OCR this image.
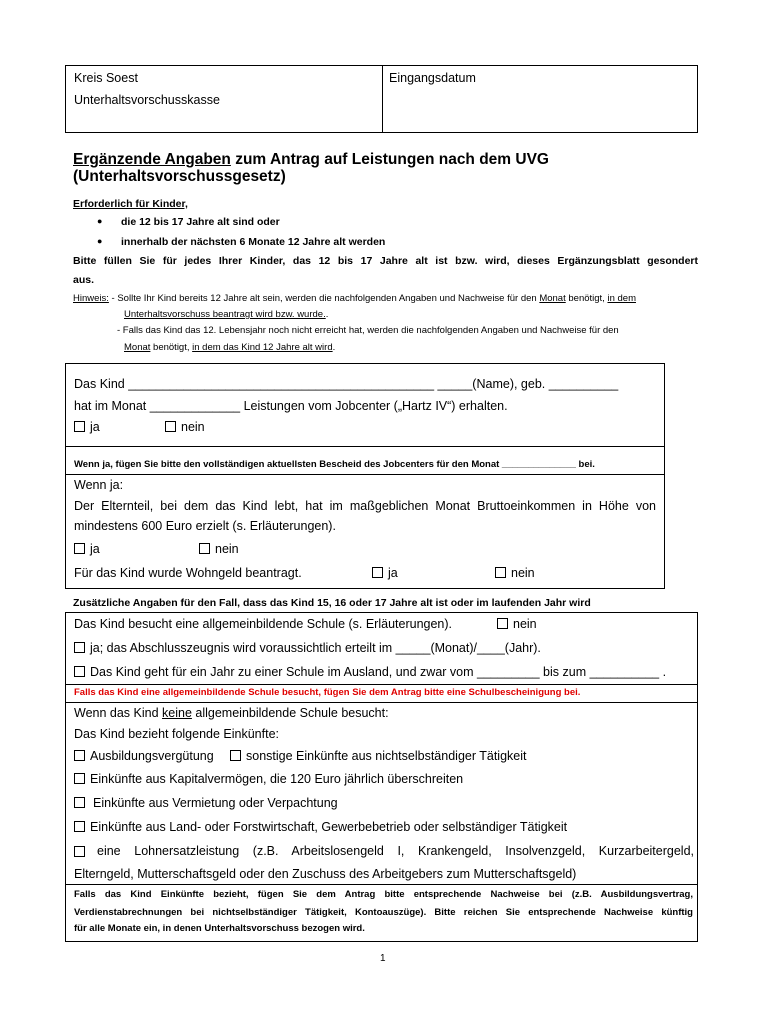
Kreis Soest
Unterhaltsvorschusskasse
Eingangsdatum
Ergänzende Angaben zum Antrag auf Leistungen nach dem UVG
(Unterhaltsvorschussgesetz)
Erforderlich für Kinder,
● die 12 bis 17 Jahre alt sind oder
● innerhalb der nächsten 6 Monate 12 Jahre alt werden
Bitte füllen Sie für jedes Ihrer Kinder, das 12 bis 17 Jahre alt ist bzw. wird, dieses Ergänzungsblatt gesondert
aus.
Hinweis: - Sollte Ihr Kind bereits 12 Jahre alt sein, werden die nachfolgenden Angaben und Nachweise für den Monat benötigt, in dem
Unterhaltsvorschuss beantragt wird bzw. wurde..
- Falls das Kind das 12. Lebensjahr noch nicht erreicht hat, werden die nachfolgenden Angaben und Nachweise für den
Monat benötigt, in dem das Kind 12 Jahre alt wird.
Das Kind ____________________________________________ _____(Name), geb. __________
hat im Monat _____________ Leistungen vom Jobcenter („Hartz IV“) erhalten.
ja	nein
Wenn ja, fügen Sie bitte den vollständigen aktuellsten Bescheid des Jobcenters für den Monat ______________ bei.
Wenn ja:
Der Elternteil, bei dem das Kind lebt, hat im maßgeblichen Monat Bruttoeinkommen in Höhe von
mindestens 600 Euro erzielt (s. Erläuterungen).
ja	nein
Für das Kind wurde Wohngeld beantragt.	ja	nein
Zusätzliche Angaben für den Fall, dass das Kind 15, 16 oder 17 Jahre alt ist oder im laufenden Jahr wird
Das Kind besucht eine allgemeinbildende Schule (s. Erläuterungen).	nein
ja; das Abschlusszeugnis wird voraussichtlich erteilt im _____(Monat)/____(Jahr).
Das Kind geht für ein Jahr zu einer Schule im Ausland, und zwar vom _________ bis zum __________ .
Falls das Kind eine allgemeinbildende Schule besucht, fügen Sie dem Antrag bitte eine Schulbescheinigung bei.
Wenn das Kind keine allgemeinbildende Schule besucht:
Das Kind bezieht folgende Einkünfte:
Ausbildungsvergütung	sonstige Einkünfte aus nichtselbständiger Tätigkeit
Einkünfte aus Kapitalvermögen, die 120 Euro jährlich überschreiten
Einkünfte aus Vermietung oder Verpachtung
Einkünfte aus Land- oder Forstwirtschaft, Gewerbebetrieb oder selbständiger Tätigkeit
eine Lohnersatzleistung (z.B. Arbeitslosengeld I, Krankengeld, Insolvenzgeld, Kurzarbeitergeld,
Elterngeld, Mutterschaftsgeld oder den Zuschuss des Arbeitgebers zum Mutterschaftsgeld)
Falls das Kind Einkünfte bezieht, fügen Sie dem Antrag bitte entsprechende Nachweise bei (z.B. Ausbildungsvertrag,
Verdienstabrechnungen bei nichtselbständiger Tätigkeit, Kontoauszüge). Bitte reichen Sie entsprechende Nachweise künftig
für alle Monate ein, in denen Unterhaltsvorschuss bezogen wird.
1
